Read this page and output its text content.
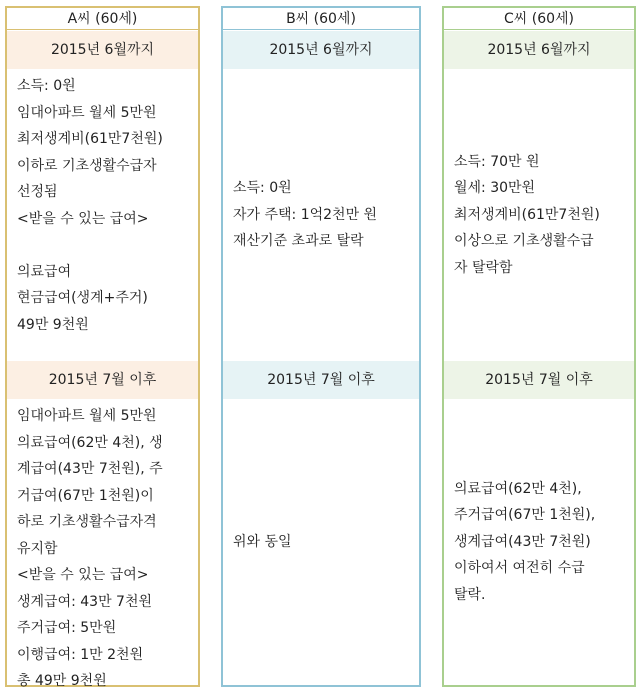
A씨 (60세)
2015년 6월까지
소득: 0원
임대아파트 월세 5만원
최저생계비(61만7천원)
이하로 기초생활수급자
선정됨
<받을 수 있는 급여>
의료급여
현금급여(생계+주거)
49만 9천원
2015년 7월 이후
임대아파트 월세 5만원
의료급여(62만 4천), 생
계급여(43만 7천원), 주
거급여(67만 1천원)이
하로 기초생활수급자격
유지함
<받을 수 있는 급여>
생계급여: 43만 7천원
주거급여: 5만원
이행급여: 1만 2천원
총 49만 9천원
B씨 (60세)
2015년 6월까지
소득: 0원
자가 주택: 1억2천만 원
재산기준 초과로 탈락
2015년 7월 이후
위와 동일
C씨 (60세)
2015년 6월까지
소득: 70만 원
월세: 30만원
최저생계비(61만7천원)
이상으로 기초생활수급
자 탈락함
2015년 7월 이후
의료급여(62만 4천),
주거급여(67만 1천원),
생계급여(43만 7천원)
이하여서 여전히 수급
탈락.
